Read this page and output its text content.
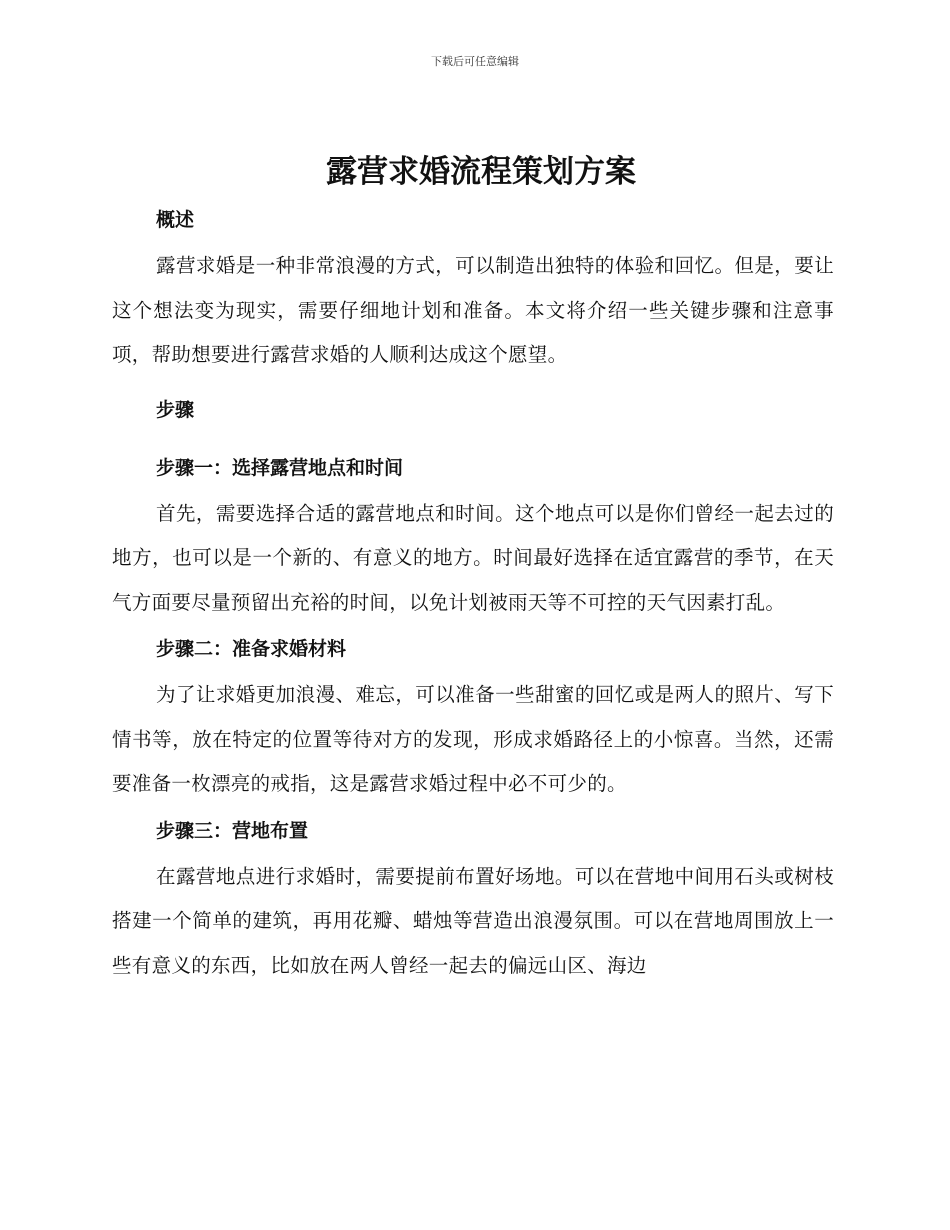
下载后可任意编辑
露营求婚流程策划方案
概述

露营求婚是一种非常浪漫的方式，可以制造出独特的体验和回忆。但是，要让这个想法变为现实，需要仔细地计划和准备。本文将介绍一些关键步骤和注意事项，帮助想要进行露营求婚的人顺利达成这个愿望。

步骤
步骤一：选择露营地点和时间

首先，需要选择合适的露营地点和时间。这个地点可以是你们曾经一起去过的地方，也可以是一个新的、有意义的地方。时间最好选择在适宜露营的季节，在天气方面要尽量预留出充裕的时间，以免计划被雨天等不可控的天气因素打乱。

步骤二：准备求婚材料

为了让求婚更加浪漫、难忘，可以准备一些甜蜜的回忆或是两人的照片、写下情书等，放在特定的位置等待对方的发现，形成求婚路径上的小惊喜。当然，还需要准备一枚漂亮的戒指，这是露营求婚过程中必不可少的。

步骤三：营地布置

在露营地点进行求婚时，需要提前布置好场地。可以在营地中间用石头或树枝搭建一个简单的建筑，再用花瓣、蜡烛等营造出浪漫氛围。可以在营地周围放上一些有意义的东西，比如放在两人曾经一起去的偏远山区、海边
